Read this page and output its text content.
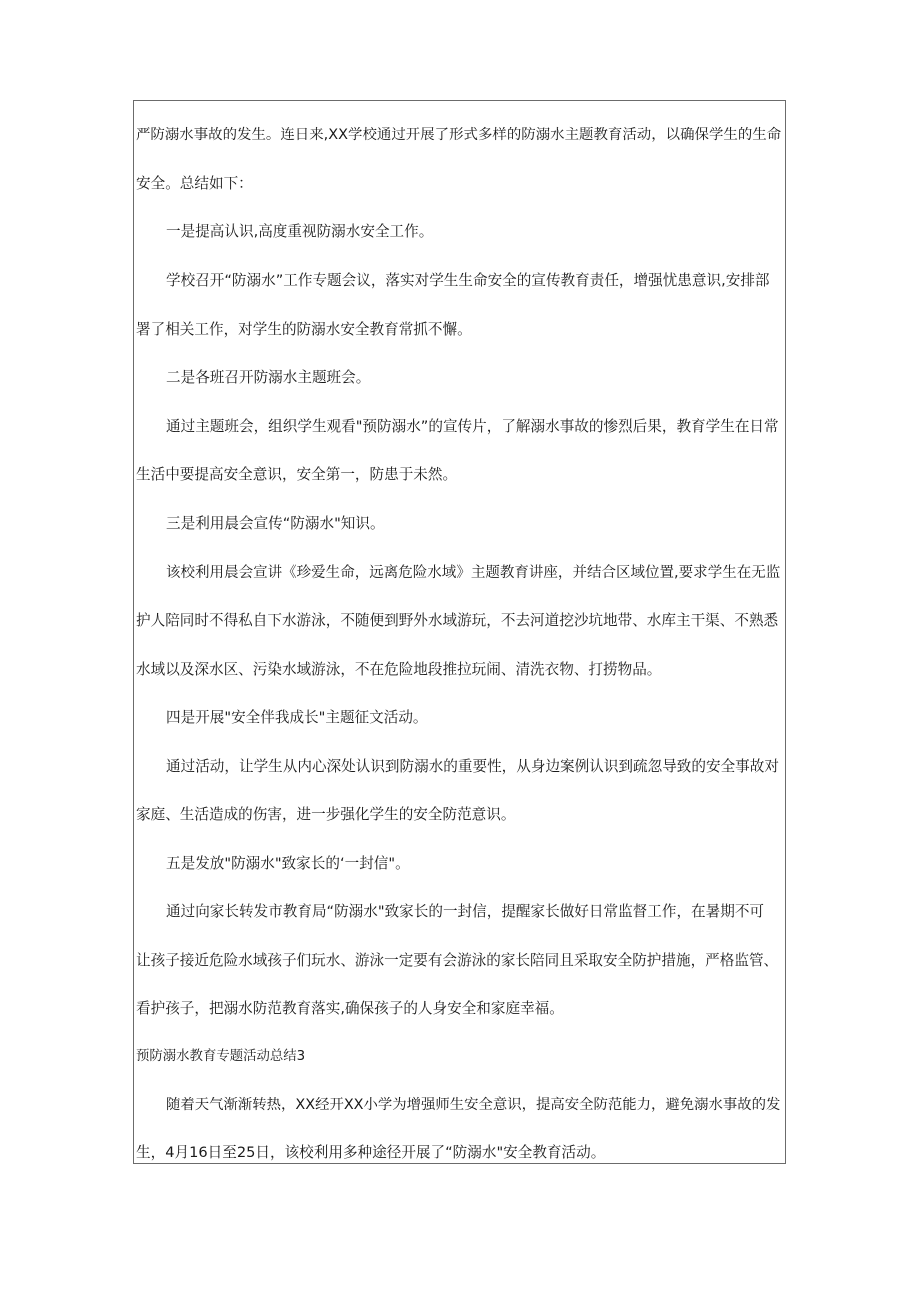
严防溺水事故的发生。连日来,XX学校通过开展了形式多样的防溺水主题教育活动，以确保学生的生命
安全。总结如下：
一是提高认识,高度重视防溺水安全工作。
学校召开“防溺水”工作专题会议，落实对学生生命安全的宣传教育责任，增强忧患意识,安排部
署了相关工作，对学生的防溺水安全教育常抓不懈。
二是各班召开防溺水主题班会。
通过主题班会，组织学生观看"预防溺水”的宣传片，了解溺水事故的惨烈后果，教育学生在日常
生活中要提高安全意识，安全第一，防患于未然。
三是利用晨会宣传“防溺水"知识。
该校利用晨会宣讲《珍爱生命，远离危险水域》主题教育讲座，并结合区域位置,要求学生在无监
护人陪同时不得私自下水游泳，不随便到野外水域游玩，不去河道挖沙坑地带、水库主干渠、不熟悉
水域以及深水区、污染水域游泳，不在危险地段推拉玩闹、清洗衣物、打捞物品。
四是开展"安全伴我成长"主题征文活动。
通过活动，让学生从内心深处认识到防溺水的重要性，从身边案例认识到疏忽导致的安全事故对
家庭、生活造成的伤害，进一步强化学生的安全防范意识。
五是发放"防溺水"致家长的‘一封信"。
通过向家长转发市教育局“防溺水"致家长的一封信，提醒家长做好日常监督工作，在暑期不可
让孩子接近危险水域孩子们玩水、游泳一定要有会游泳的家长陪同且采取安全防护措施，严格监管、
看护孩子，把溺水防范教育落实,确保孩子的人身安全和家庭幸福。
预防溺水教育专题活动总结3
随着天气渐渐转热，XX经开XX小学为增强师生安全意识，提高安全防范能力，避免溺水事故的发
生，4月16日至25日，该校利用多种途径开展了“防溺水"安全教育活动。
